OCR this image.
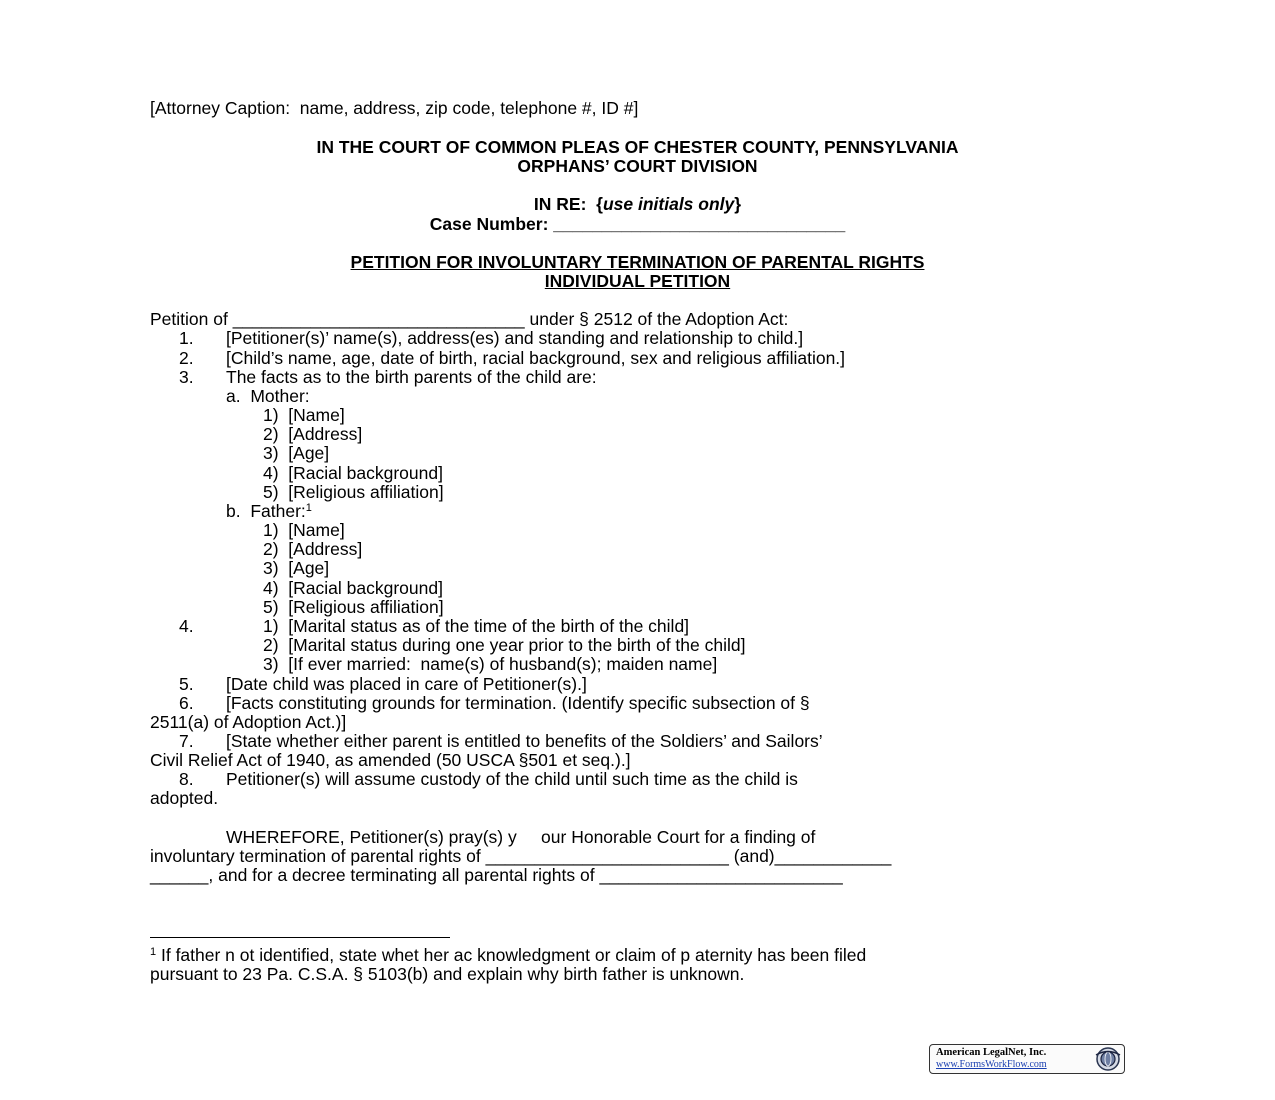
[Attorney Caption:  name, address, zip code, telephone #, ID #]
IN THE COURT OF COMMON PLEAS OF CHESTER COUNTY, PENNSYLVANIA
ORPHANS’ COURT DIVISION
IN RE:  {use initials only}
Case Number: ______________________________
PETITION FOR INVOLUNTARY TERMINATION OF PARENTAL RIGHTS
INDIVIDUAL PETITION
Petition of ______________________________ under § 2512 of the Adoption Act:
1. [Petitioner(s)’ name(s), address(es) and standing and relationship to child.]
2. [Child’s name, age, date of birth, racial background, sex and religious affiliation.]
3. The facts as to the birth parents of the child are:
a.  Mother:
1)  [Name]
2)  [Address]
3)  [Age]
4)  [Racial background]
5)  [Religious affiliation]
b.  Father:$^1$
1)  [Name]
2)  [Address]
3)  [Age]
4)  [Racial background]
5)  [Religious affiliation]
4.	1)  [Marital status as of the time of the birth of the child]
2)  [Marital status during one year prior to the birth of the child]
3)  [If ever married:  name(s) of husband(s); maiden name]
5. [Date child was placed in care of Petitioner(s).]
6. [Facts constituting grounds for termination. (Identify specific subsection of §
2511(a) of Adoption Act.)]
7. [State whether either parent is entitled to benefits of the Soldiers’ and Sailors’
Civil Relief Act of 1940, as amended (50 USCA §501 et seq.).]
8. Petitioner(s) will assume custody of the child until such time as the child is
adopted.
WHEREFORE, Petitioner(s) pray(s) y     our Honorable Court for a finding of
involuntary termination of parental rights of _________________________ (and)____________
______, and for a decree terminating all parental rights of _________________________
$^1$ If father n ot identified, state whet her ac knowledgment or claim of p aternity has been filed
pursuant to 23 Pa. C.S.A. § 5103(b) and explain why birth father is unknown.
American LegalNet, Inc.
www.FormsWorkFlow.com
